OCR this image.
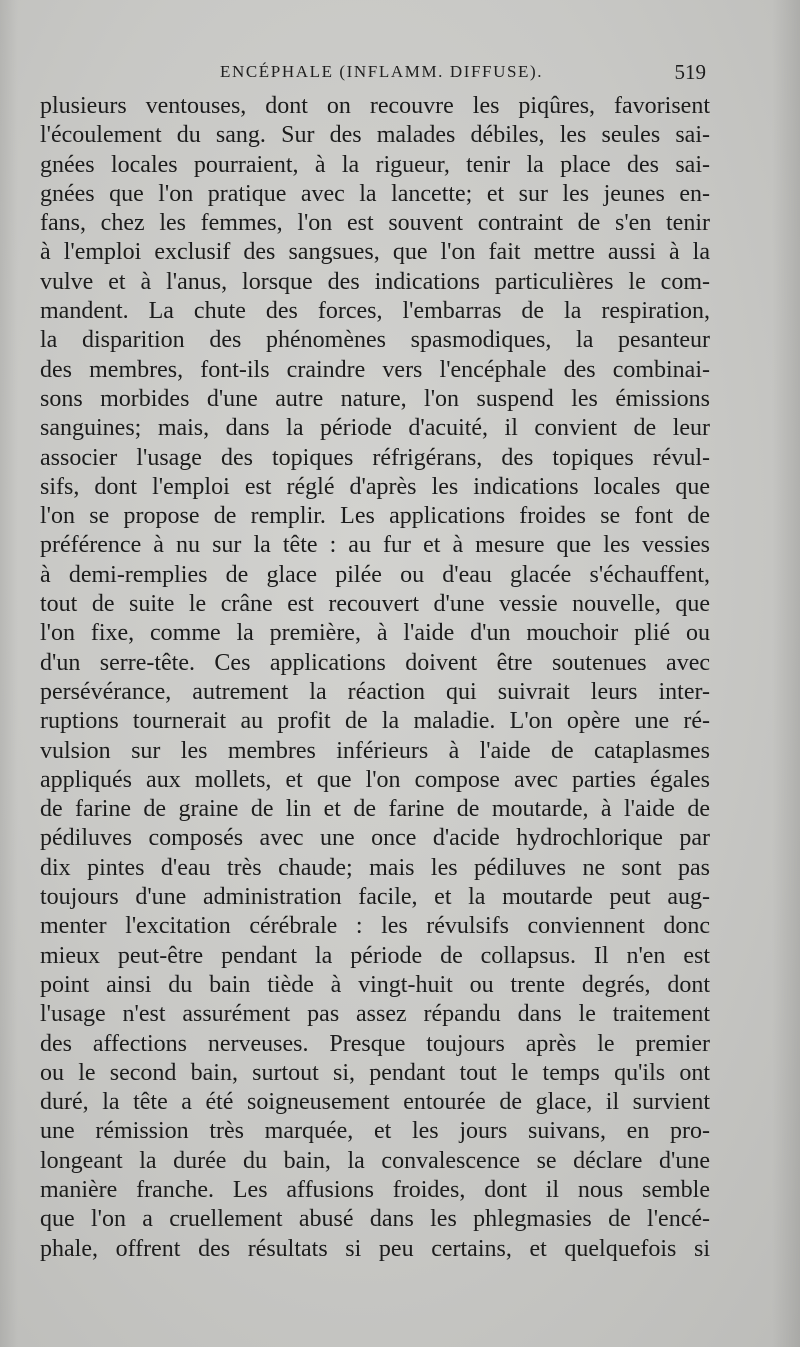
ENCÉPHALE (INFLAMM. DIFFUSE).	519
plusieurs ventouses, dont on recouvre les piqûres, favorisent
l'écoulement du sang. Sur des malades débiles, les seules sai-
gnées locales pourraient, à la rigueur, tenir la place des sai-
gnées que l'on pratique avec la lancette; et sur les jeunes en-
fans, chez les femmes, l'on est souvent contraint de s'en tenir
à l'emploi exclusif des sangsues, que l'on fait mettre aussi à la
vulve et à l'anus, lorsque des indications particulières le com-
mandent. La chute des forces, l'embarras de la respiration,
la disparition des phénomènes spasmodiques, la pesanteur
des membres, font-ils craindre vers l'encéphale des combinai-
sons morbides d'une autre nature, l'on suspend les émissions
sanguines; mais, dans la période d'acuité, il convient de leur
associer l'usage des topiques réfrigérans, des topiques révul-
sifs, dont l'emploi est réglé d'après les indications locales que
l'on se propose de remplir. Les applications froides se font de
préférence à nu sur la tête : au fur et à mesure que les vessies
à demi-remplies de glace pilée ou d'eau glacée s'échauffent,
tout de suite le crâne est recouvert d'une vessie nouvelle, que
l'on fixe, comme la première, à l'aide d'un mouchoir plié ou
d'un serre-tête. Ces applications doivent être soutenues avec
persévérance, autrement la réaction qui suivrait leurs inter-
ruptions tournerait au profit de la maladie. L'on opère une ré-
vulsion sur les membres inférieurs à l'aide de cataplasmes
appliqués aux mollets, et que l'on compose avec parties égales
de farine de graine de lin et de farine de moutarde, à l'aide de
pédiluves composés avec une once d'acide hydrochlorique par
dix pintes d'eau très chaude; mais les pédiluves ne sont pas
toujours d'une administration facile, et la moutarde peut aug-
menter l'excitation cérébrale : les révulsifs conviennent donc
mieux peut-être pendant la période de collapsus. Il n'en est
point ainsi du bain tiède à vingt-huit ou trente degrés, dont
l'usage n'est assurément pas assez répandu dans le traitement
des affections nerveuses. Presque toujours après le premier
ou le second bain, surtout si, pendant tout le temps qu'ils ont
duré, la tête a été soigneusement entourée de glace, il survient
une rémission très marquée, et les jours suivans, en pro-
longeant la durée du bain, la convalescence se déclare d'une
manière franche. Les affusions froides, dont il nous semble
que l'on a cruellement abusé dans les phlegmasies de l'encé-
phale, offrent des résultats si peu certains, et quelquefois si
